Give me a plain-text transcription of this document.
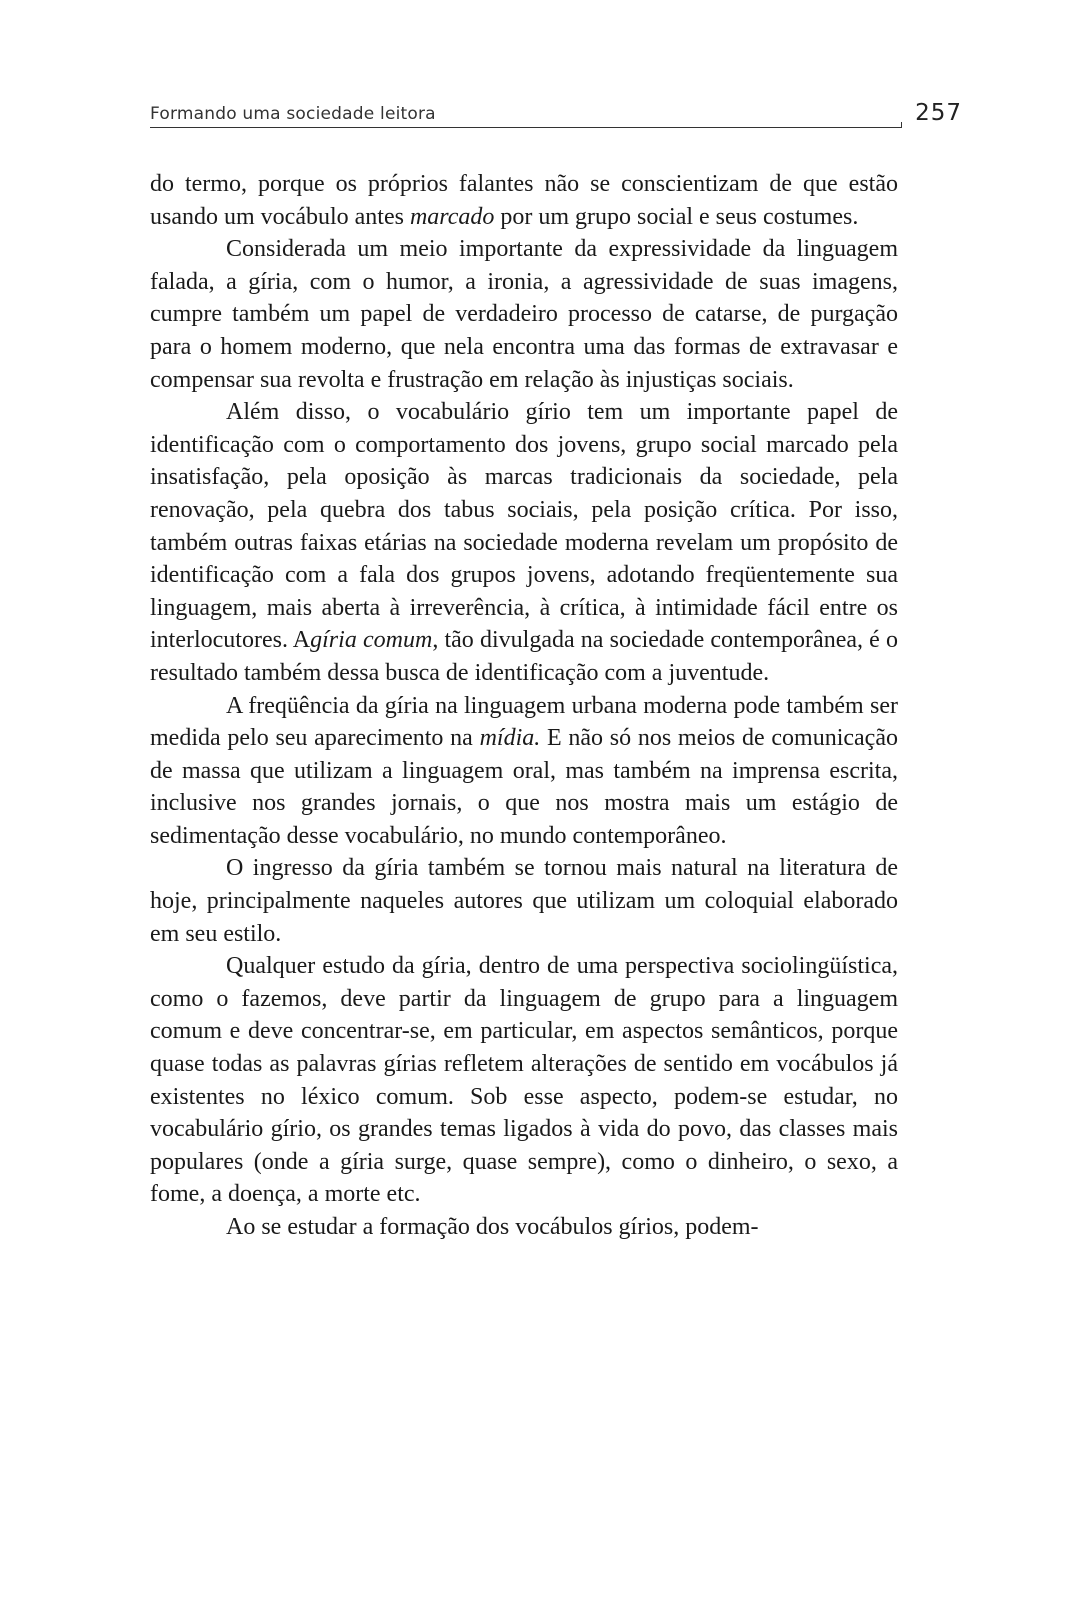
Formando uma sociedade leitora	257

do termo, porque os próprios falantes não se conscientizam de que estão usando um vocábulo antes marcado por um grupo social e seus costumes.

Considerada um meio importante da expressividade da linguagem falada, a gíria, com o humor, a ironia, a agressividade de suas imagens, cumpre também um papel de verdadeiro processo de catarse, de purgação para o homem moderno, que nela encontra uma das formas de extravasar e compensar sua revolta e frustração em relação às injustiças sociais.

Além disso, o vocabulário gírio tem um importante papel de identificação com o comportamento dos jovens, grupo social marcado pela insatisfação, pela oposição às marcas tradicionais da sociedade, pela renovação, pela quebra dos tabus sociais, pela posição crítica. Por isso, também outras faixas etárias na sociedade moderna revelam um propósito de identificação com a fala dos grupos jovens, adotando freqüentemente sua linguagem, mais aberta à irreverência, à crítica, à intimidade fácil entre os interlocutores. Agíria comum, tão divulgada na sociedade contemporânea, é o resultado também dessa busca de identificação com a juventude.

A freqüência da gíria na linguagem urbana moderna pode também ser medida pelo seu aparecimento na mídia. E não só nos meios de comunicação de massa que utilizam a linguagem oral, mas também na imprensa escrita, inclusive nos grandes jornais, o que nos mostra mais um estágio de sedimentação desse vocabulário, no mundo contemporâneo.

O ingresso da gíria também se tornou mais natural na literatura de hoje, principalmente naqueles autores que utilizam um coloquial elaborado em seu estilo.

Qualquer estudo da gíria, dentro de uma perspectiva sociolingüística, como o fazemos, deve partir da linguagem de grupo para a linguagem comum e deve concentrar-se, em particular, em aspectos semânticos, porque quase todas as palavras gírias refletem alterações de sentido em vocábulos já existentes no léxico comum. Sob esse aspecto, podem-se estudar, no vocabulário gírio, os grandes temas ligados à vida do povo, das classes mais populares (onde a gíria surge, quase sempre), como o dinheiro, o sexo, a fome, a doença, a morte etc.

Ao se estudar a formação dos vocábulos gírios, podem-
